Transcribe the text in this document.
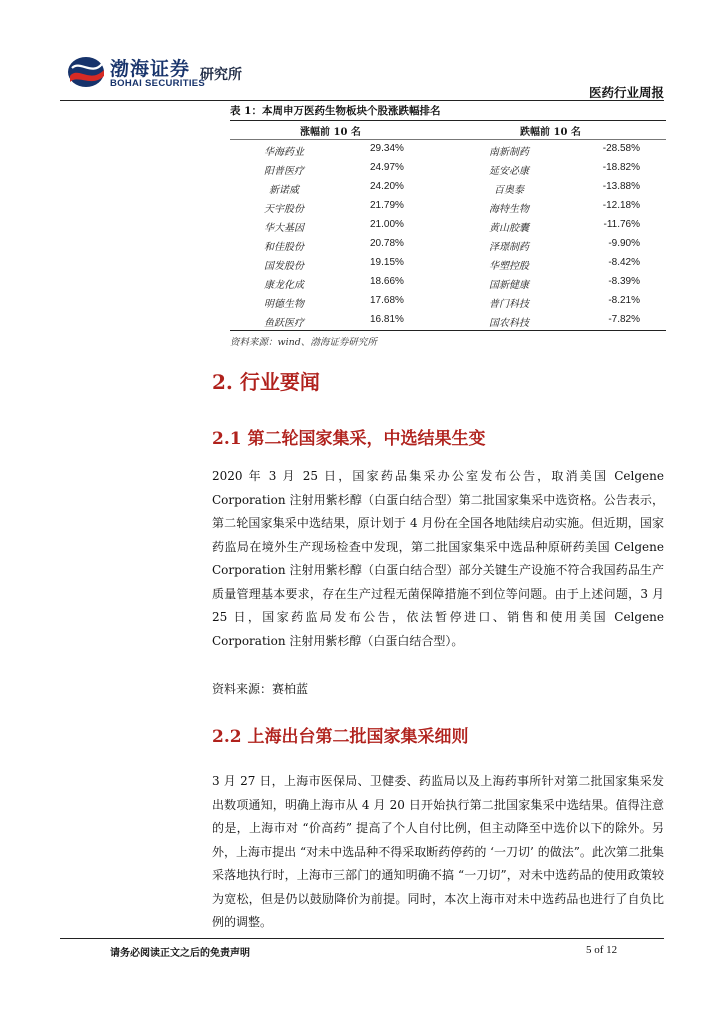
渤海证券
BOHAI SECURITIES
研究所
医药行业周报
表 1：本周申万医药生物板块个股涨跌幅排名
涨幅前 10 名	跌幅前 10 名
华海药业	29.34%	南新制药	-28.58%
阳普医疗	24.97%	延安必康	-18.82%
新诺威	24.20%	百奥泰	-13.88%
天宇股份	21.79%	海特生物	-12.18%
华大基因	21.00%	黄山胶囊	-11.76%
和佳股份	20.78%	泽璟制药	-9.90%
国发股份	19.15%	华塑控股	-8.42%
康龙化成	18.66%	国新健康	-8.39%
明德生物	17.68%	普门科技	-8.21%
鱼跃医疗	16.81%	国农科技	-7.82%
资料来源：wind、渤海证券研究所
2. 行业要闻
2.1 第二轮国家集采，中选结果生变
2020 年 3 月 25 日，国家药品集采办公室发布公告，取消美国 Celgene Corporation 注射用紫杉醇（白蛋白结合型）第二批国家集采中选资格。公告表示，第二轮国家集采中选结果，原计划于 4 月份在全国各地陆续启动实施。但近期，国家药监局在境外生产现场检查中发现，第二批国家集采中选品种原研药美国 Celgene Corporation 注射用紫杉醇（白蛋白结合型）部分关键生产设施不符合我国药品生产质量管理基本要求，存在生产过程无菌保障措施不到位等问题。由于上述问题，3 月 25 日，国家药监局发布公告，依法暂停进口、销售和使用美国 Celgene Corporation 注射用紫杉醇（白蛋白结合型）。
资料来源：赛柏蓝
2.2 上海出台第二批国家集采细则
3 月 27 日，上海市医保局、卫健委、药监局以及上海药事所针对第二批国家集采发出数项通知，明确上海市从 4 月 20 日开始执行第二批国家集采中选结果。值得注意的是，上海市对 “价高药” 提高了个人自付比例，但主动降至中选价以下的除外。另外，上海市提出 “对未中选品种不得采取断药停药的 ‘一刀切’ 的做法”。此次第二批集采落地执行时，上海市三部门的通知明确不搞 “一刀切”，对未中选药品的使用政策较为宽松，但是仍以鼓励降价为前提。同时，本次上海市对未中选药品也进行了自负比例的调整。
请务必阅读正文之后的免责声明	5 of 12
